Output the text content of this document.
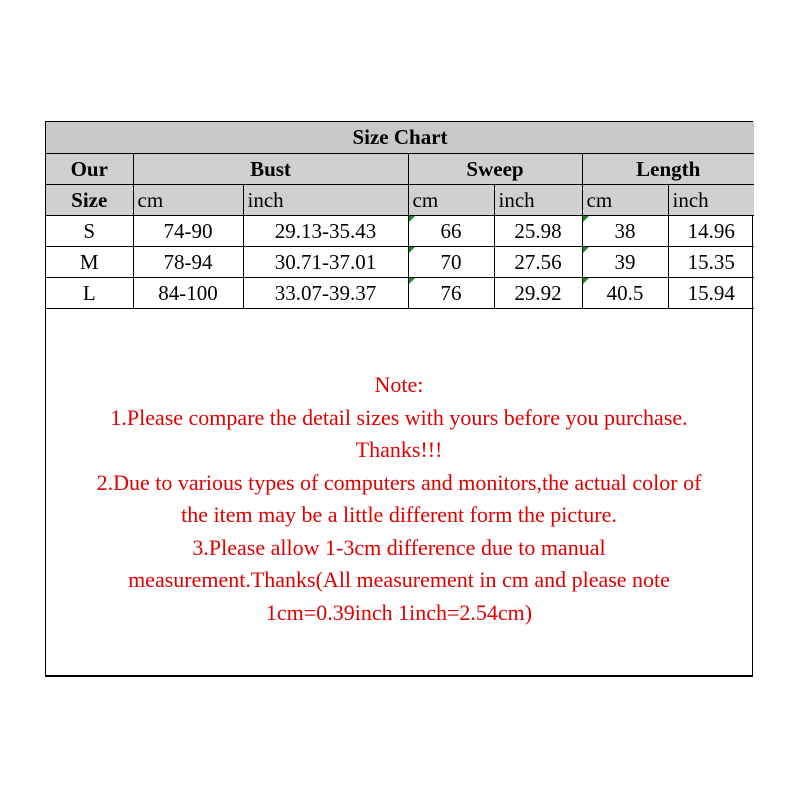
Size Chart						
Our	Bust		Sweep		Length	
Size	cm	inch	cm	inch	cm	inch
S	74-90	29.13-35.43	66	25.98	38	14.96
M	78-94	30.71-37.01	70	27.56	39	15.35
L	84-100	33.07-39.37	76	29.92	40.5	15.94
Note:
1.Please compare the detail sizes with yours before you purchase.
Thanks!!!
2.Due to various types of computers and monitors,the actual color of
the item may be a little different form the picture.
3.Please allow 1-3cm difference due to manual
measurement.Thanks(All measurement in cm and please note
1cm=0.39inch 1inch=2.54cm)
